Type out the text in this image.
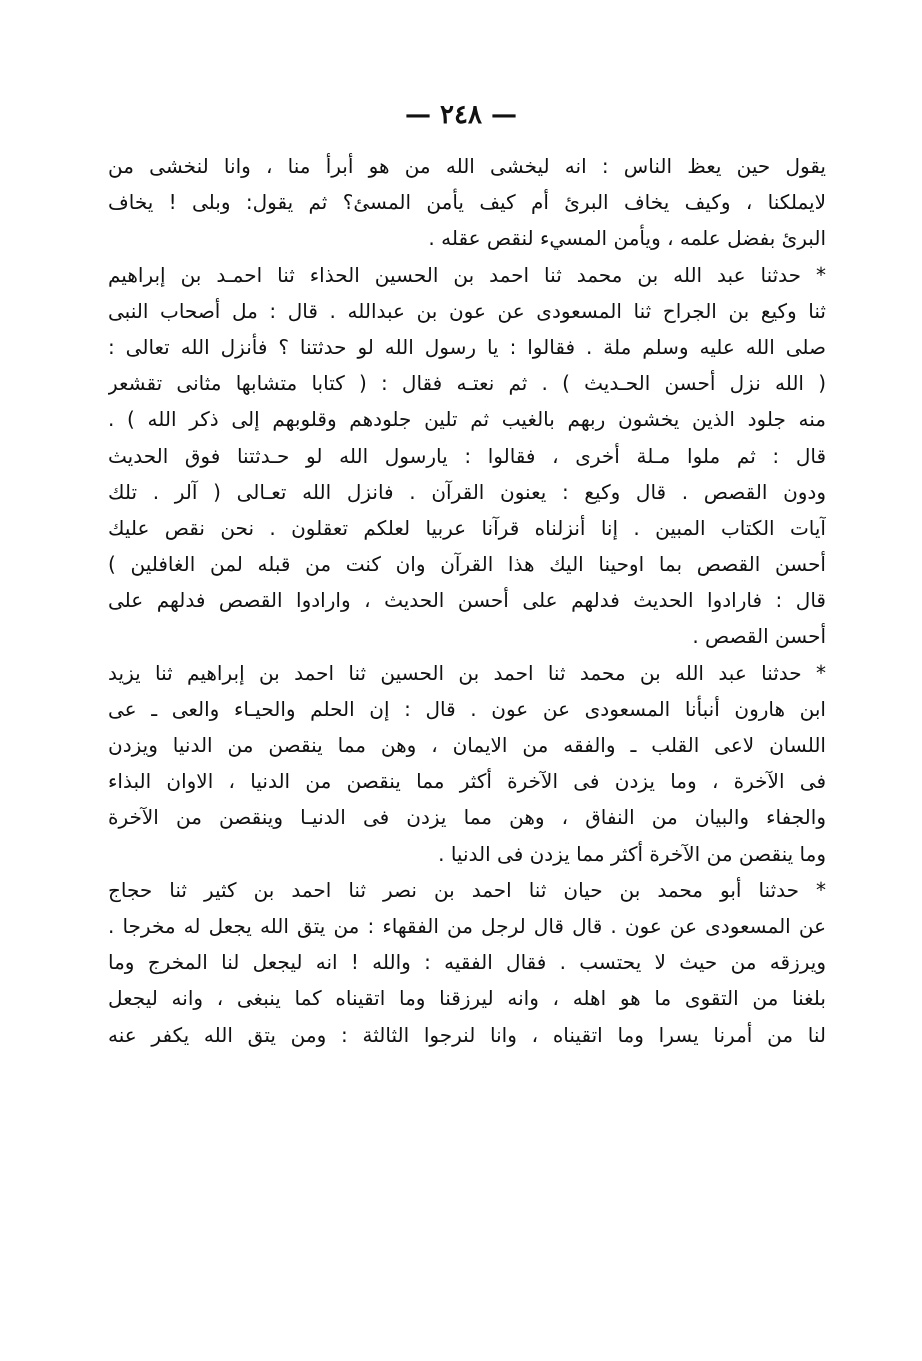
— ٢٤٨ —
يقول حين يعظ الناس : انه ليخشى الله من هو أبرأ منا ، وانا لنخشى من
لايملكنا ، وكيف يخاف البرئ أم كيف يأمن المسئ؟ ثم يقول: وبلى ! يخاف
البرئ بفضل علمه ، ويأمن المسيء لنقص عقله .
* حدثنا عبد الله بن محمد ثنا احمد بن الحسين الحذاء ثنا احمـد بن إبراهيم
ثنا وكيع بن الجراح ثنا المسعودى عن عون بن عبدالله . قال : مل أصحاب النبى
صلى الله عليه وسلم ملة . فقالوا : يا رسول الله لو حدثتنا ؟ فأنزل الله تعالى :
( الله نزل أحسن الحـديث ) . ثم نعتـه فقال : ( كتابا متشابها مثانى تقشعر
منه جلود الذين يخشون ربهم بالغيب ثم تلين جلودهم وقلوبهم إلى ذكر الله ) .
قال : ثم ملوا مـلة أخرى ، فقالوا : يارسول الله لو حـدثتنا فوق الحديث
ودون القصص . قال وكيع : يعنون القرآن . فانزل الله تعـالى ( آلر . تلك
آيات الكتاب المبين . إنا أنزلناه قرآنا عربيا لعلكم تعقلون . نحن نقص عليك
أحسن القصص بما اوحينا اليك هذا القرآن وان كنت من قبله لمن الغافلين )
قال : فارادوا الحديث فدلهم على أحسن الحديث ، وارادوا القصص فدلهم على
أحسن القصص .
* حدثنا عبد الله بن محمد ثنا احمد بن الحسين ثنا احمد بن إبراهيم ثنا يزيد
ابن هارون أنبأنا المسعودى عن عون . قال : إن الحلم والحيـاء والعى ـ عى
اللسان لاعى القلب ـ والفقه من الايمان ، وهن مما ينقصن من الدنيا ويزدن
فى الآخرة ، وما يزدن فى الآخرة أكثر مما ينقصن من الدنيا ، الاوان البذاء
والجفاء والبيان من النفاق ، وهن مما يزدن فى الدنيـا وينقصن من الآخرة
وما ينقصن من الآخرة أكثر مما يزدن فى الدنيا .
* حدثنا أبو محمد بن حيان ثنا احمد بن نصر ثنا احمد بن كثير ثنا حجاج
عن المسعودى عن عون . قال قال لرجل من الفقهاء : من يتق الله يجعل له مخرجا .
ويرزقه من حيث لا يحتسب . فقال الفقيه : والله ! انه ليجعل لنا المخرج وما
بلغنا من التقوى ما هو اهله ، وانه ليرزقنا وما اتقيناه كما ينبغى ، وانه ليجعل
لنا من أمرنا يسرا وما اتقيناه ، وانا لنرجوا الثالثة : ومن يتق الله يكفر عنه
